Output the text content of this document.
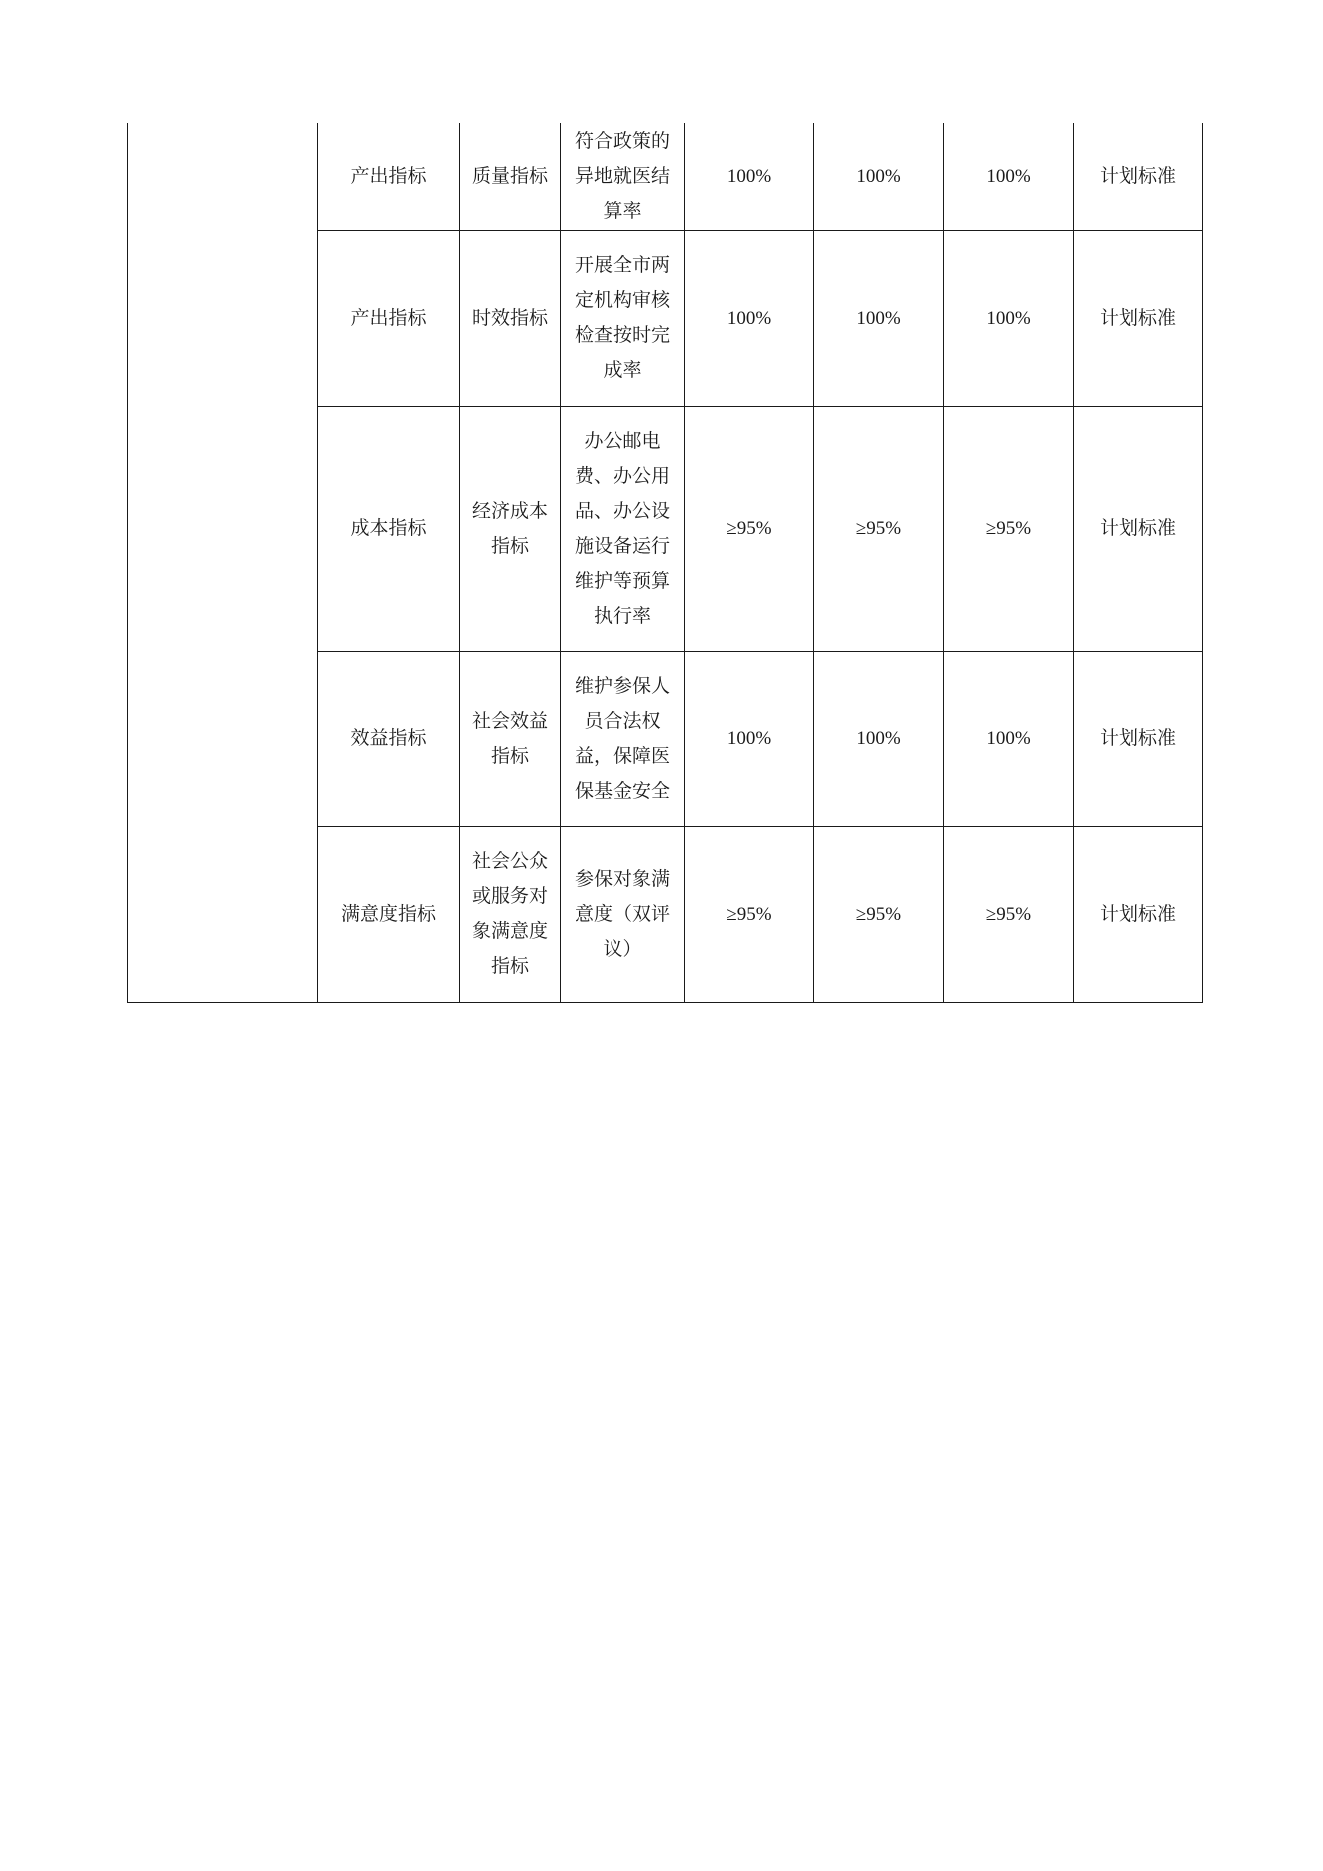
	产出指标	质量指标	符合政策的异地就医结算率	100%	100%	100%	计划标准
	产出指标	时效指标	开展全市两定机构审核检查按时完成率	100%	100%	100%	计划标准
	成本指标	经济成本指标	办公邮电费、办公用品、办公设施设备运行维护等预算执行率	≥95%	≥95%	≥95%	计划标准
	效益指标	社会效益指标	维护参保人员合法权益，保障医保基金安全	100%	100%	100%	计划标准
	满意度指标	社会公众或服务对象满意度指标	参保对象满意度（双评议）	≥95%	≥95%	≥95%	计划标准
